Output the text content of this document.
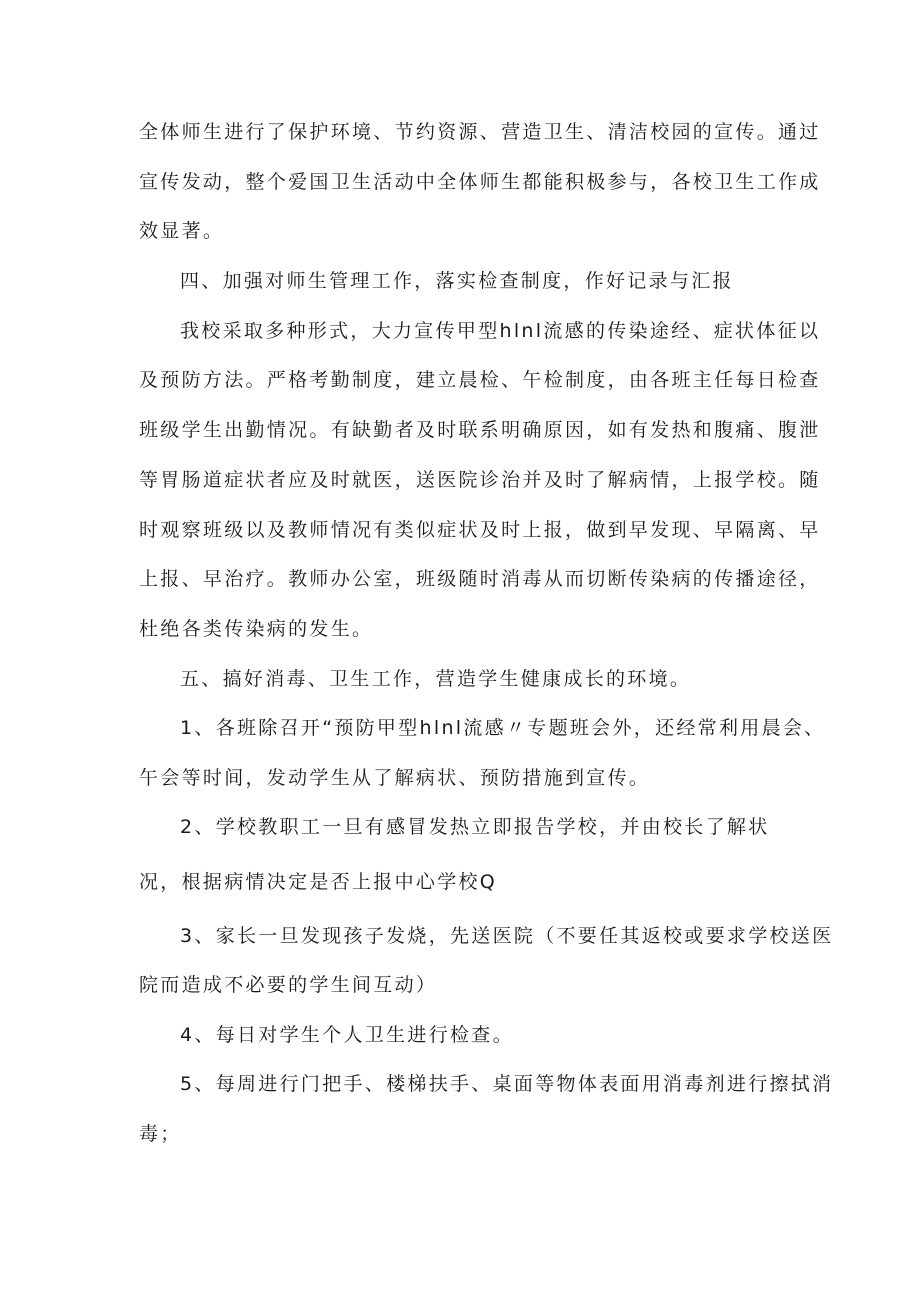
全体师生进行了保护环境、节约资源、营造卫生、清洁校园的宣传。通过
宣传发动，整个爱国卫生活动中全体师生都能积极参与，各校卫生工作成
效显著。
四、加强对师生管理工作，落实检查制度，作好记录与汇报
我校采取多种形式，大力宣传甲型hlnl流感的传染途经、症状体征以
及预防方法。严格考勤制度，建立晨检、午检制度，由各班主任每日检查
班级学生出勤情况。有缺勤者及时联系明确原因，如有发热和腹痛、腹泄
等胃肠道症状者应及时就医，送医院诊治并及时了解病情，上报学校。随
时观察班级以及教师情况有类似症状及时上报，做到早发现、早隔离、早
上报、早治疗。教师办公室，班级随时消毒从而切断传染病的传播途径，
杜绝各类传染病的发生。
五、搞好消毒、卫生工作，营造学生健康成长的环境。
1、各班除召开“预防甲型hlnl流感〃专题班会外，还经常利用晨会、
午会等时间，发动学生从了解病状、预防措施到宣传。
2、学校教职工一旦有感冒发热立即报告学校，并由校长了解状
况，根据病情决定是否上报中心学校Q
3、家长一旦发现孩子发烧，先送医院（不要任其返校或要求学校送医
院而造成不必要的学生间互动）
4、每日对学生个人卫生进行检查。
5、每周进行门把手、楼梯扶手、桌面等物体表面用消毒剂进行擦拭消
毒；
